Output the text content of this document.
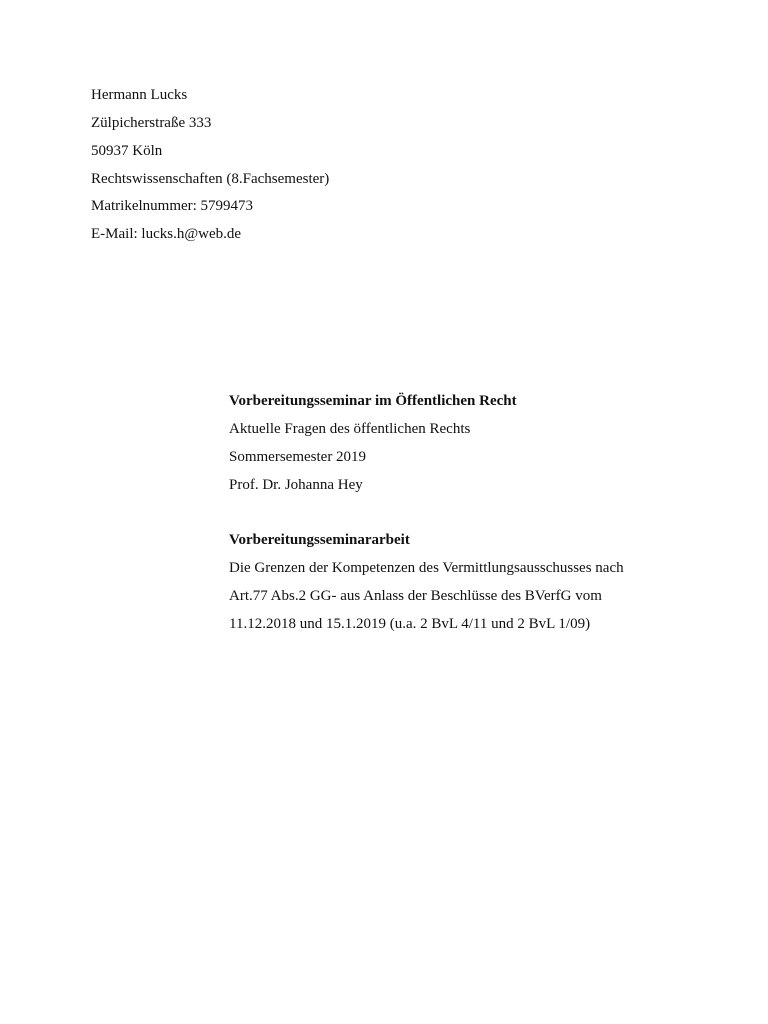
Hermann Lucks
Zülpicherstraße 333
50937 Köln
Rechtswissenschaften (8.Fachsemester)
Matrikelnummer: 5799473
E-Mail: lucks.h@web.de
Vorbereitungsseminar im Öffentlichen Recht
Aktuelle Fragen des öffentlichen Rechts
Sommersemester 2019
Prof. Dr. Johanna Hey
Vorbereitungsseminararbeit
Die Grenzen der Kompetenzen des Vermittlungsausschusses nach
Art.77 Abs.2 GG- aus Anlass der Beschlüsse des BVerfG vom
11.12.2018 und 15.1.2019 (u.a. 2 BvL 4/11 und 2 BvL 1/09)
